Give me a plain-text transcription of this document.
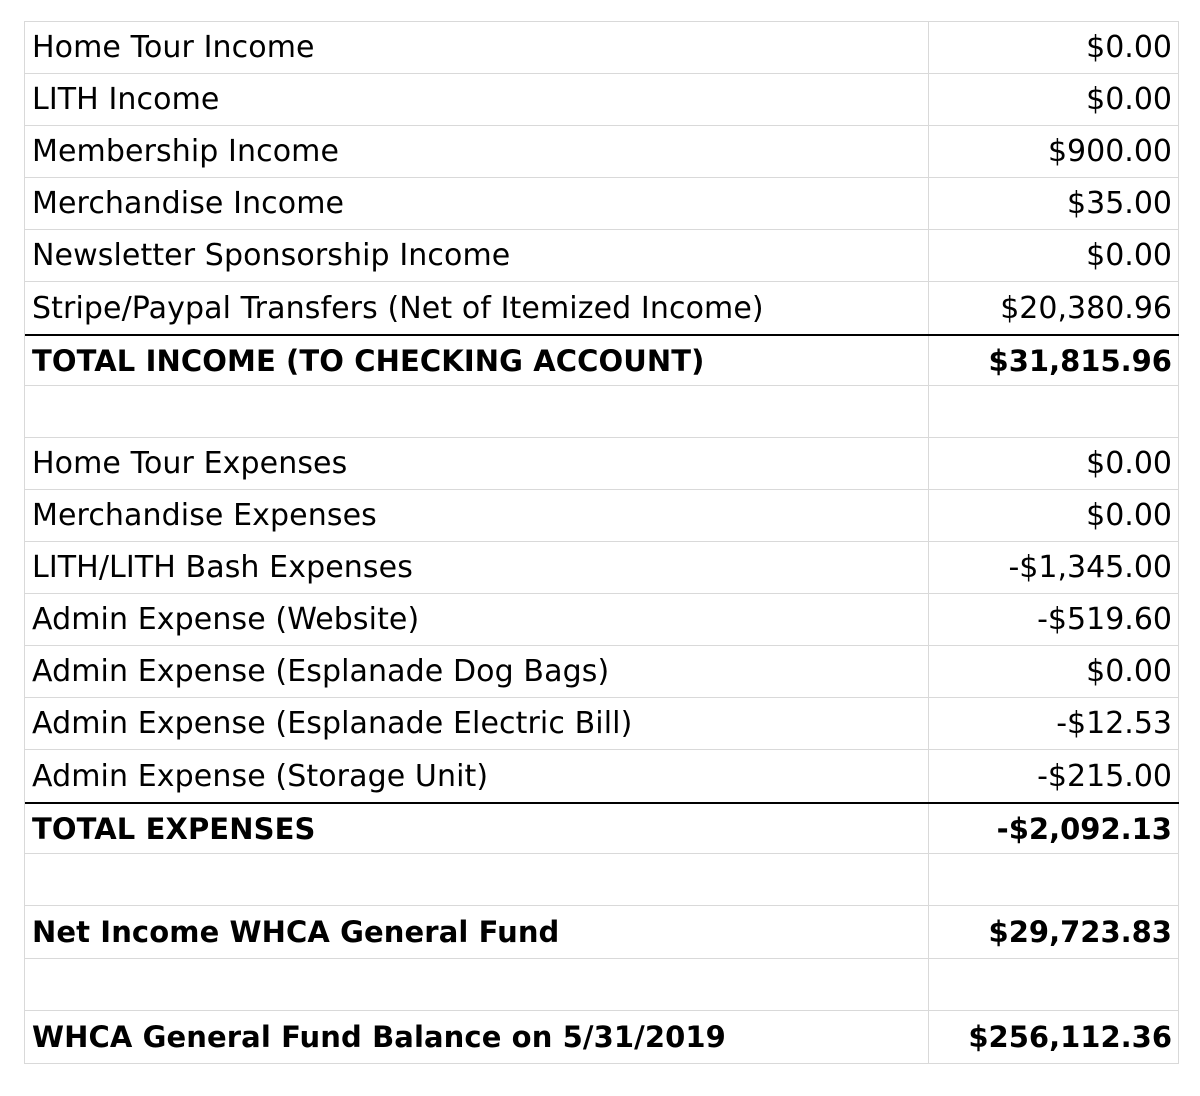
Home Tour Income	$0.00
LITH Income	$0.00
Membership Income	$900.00
Merchandise Income	$35.00
Newsletter Sponsorship Income	$0.00
Stripe/Paypal Transfers (Net of Itemized Income)	$20,380.96
TOTAL INCOME (TO CHECKING ACCOUNT)	$31,815.96
Home Tour Expenses	$0.00
Merchandise Expenses	$0.00
LITH/LITH Bash Expenses	-$1,345.00
Admin Expense (Website)	-$519.60
Admin Expense (Esplanade Dog Bags)	$0.00
Admin Expense (Esplanade Electric Bill)	-$12.53
Admin Expense (Storage Unit)	-$215.00
TOTAL EXPENSES	-$2,092.13
Net Income WHCA General Fund	$29,723.83
WHCA General Fund Balance on 5/31/2019	$256,112.36
